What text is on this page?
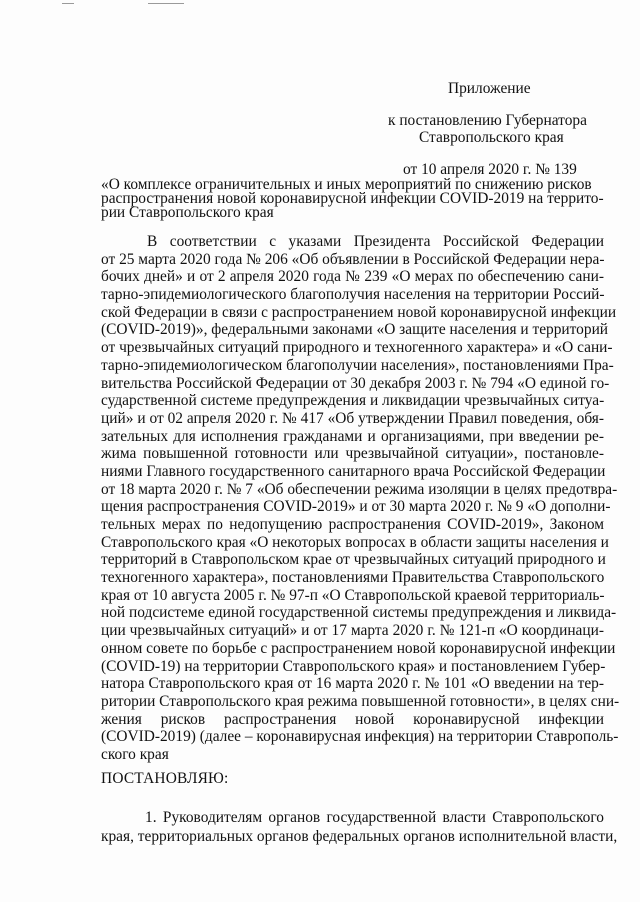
Приложение
к постановлению Губернатора
Ставропольского края
от 10 апреля 2020 г. № 139
«О комплексе ограничительных и иных мероприятий по снижению рисков
распространения новой коронавирусной инфекции COVID-2019 на террито-
рии Ставропольского края
В соответствии с указами Президента Российской Федерации
от 25 марта 2020 года № 206 «Об объявлении в Российской Федерации нера-
бочих дней» и от 2 апреля 2020 года № 239 «О мерах по обеспечению сани-
тарно-эпидемиологического благополучия населения на территории Россий-
ской Федерации в связи с распространением новой коронавирусной инфекции
(COVID-2019)», федеральными законами «О защите населения и территорий
от чрезвычайных ситуаций природного и техногенного характера» и «О сани-
тарно-эпидемиологическом благополучии населения», постановлениями Пра-
вительства Российской Федерации от 30 декабря 2003 г. № 794 «О единой го-
сударственной системе предупреждения и ликвидации чрезвычайных ситуа-
ций» и от 02 апреля 2020 г. № 417 «Об утверждении Правил поведения, обя-
зательных для исполнения гражданами и организациями, при введении ре-
жима повышенной готовности или чрезвычайной ситуации», постановле-
ниями Главного государственного санитарного врача Российской Федерации
от 18 марта 2020 г. № 7 «Об обеспечении режима изоляции в целях предотвра-
щения распространения COVID-2019» и от 30 марта 2020 г. № 9 «О дополни-
тельных мерах по недопущению распространения COVID-2019», Законом
Ставропольского края «О некоторых вопросах в области защиты населения и
территорий в Ставропольском крае от чрезвычайных ситуаций природного и
техногенного характера», постановлениями Правительства Ставропольского
края от 10 августа 2005 г. № 97-п «О Ставропольской краевой территориаль-
ной подсистеме единой государственной системы предупреждения и ликвида-
ции чрезвычайных ситуаций» и от 17 марта 2020 г. № 121-п «О координаци-
онном совете по борьбе с распространением новой коронавирусной инфекции
(COVID-19) на территории Ставропольского края» и постановлением Губер-
натора Ставропольского края от 16 марта 2020 г. № 101 «О введении на тер-
ритории Ставропольского края режима повышенной готовности», в целях сни-
жения рисков распространения новой коронавирусной инфекции
(COVID-2019) (далее – коронавирусная инфекция) на территории Ставрополь-
ского края
ПОСТАНОВЛЯЮ:
1. Руководителям органов государственной власти Ставропольского
края, территориальных органов федеральных органов исполнительной власти,
